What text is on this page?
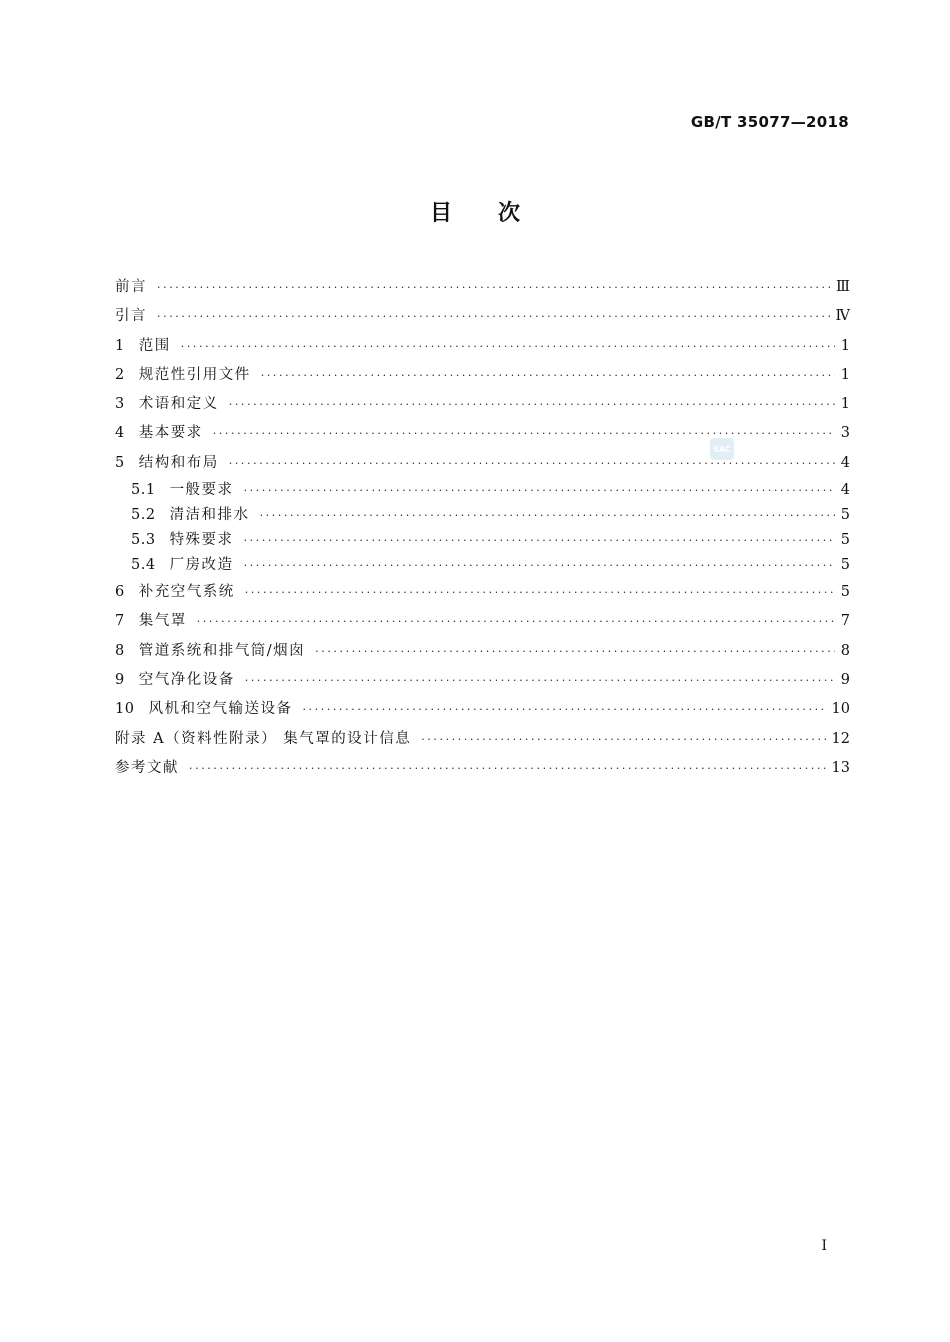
GB/T 35077—2018
目次
前言 ·····	Ⅲ
引言 ·····	Ⅳ
1 范围 ·····	1
2 规范性引用文件 ·····	1
3 术语和定义 ·····	1
4 基本要求 ·····	3
5 结构和布局 ·····	4
5.1 一般要求 ·····	4
5.2 清洁和排水 ·····	5
5.3 特殊要求 ·····	5
5.4 厂房改造 ·····	5
6 补充空气系统 ·····	5
7 集气罩 ·····	7
8 管道系统和排气筒/烟囱 ·····	8
9 空气净化设备 ·····	9
10 风机和空气输送设备 ·····	10
附录 A（资料性附录） 集气罩的设计信息 ·····	12
参考文献 ·····	13
SAC
Ⅰ
